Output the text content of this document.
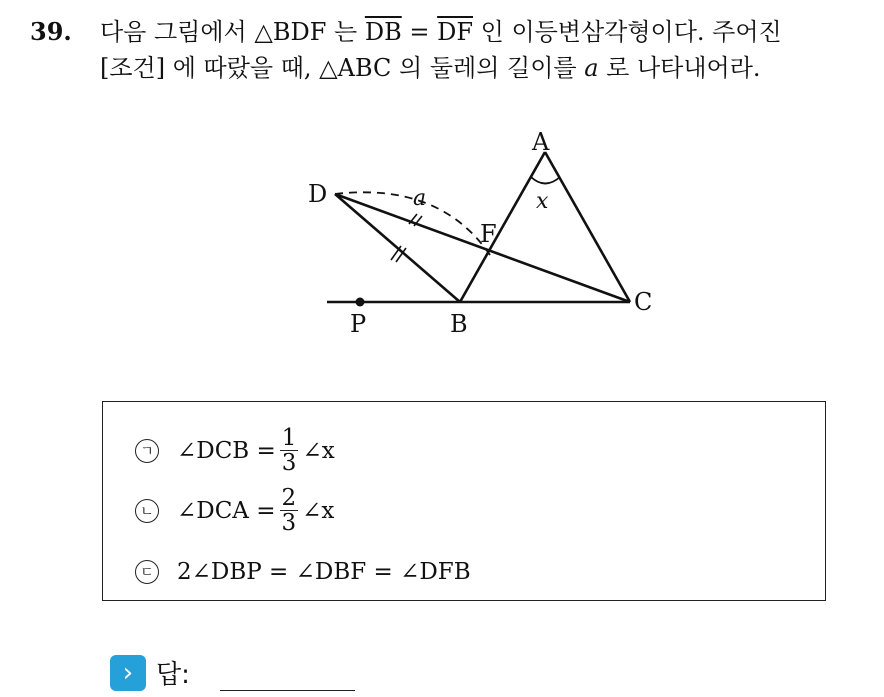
39. 다음 그림에서 △BDF 는 $\overline{DB} = \overline{DF}$ 인 이등변삼각형이다. 주어진
[조건] 에 따랐을 때, △ABC 의 둘레의 길이를 a 로 나타내어라.
A
D
F
P	B
C
a	x
ㄱ ∠DCB = $\frac{1}{3}$ ∠x
ㄴ ∠DCA = $\frac{2}{3}$ ∠x
ㄷ 2∠DBP = ∠DBF = ∠DFB
› 답:
